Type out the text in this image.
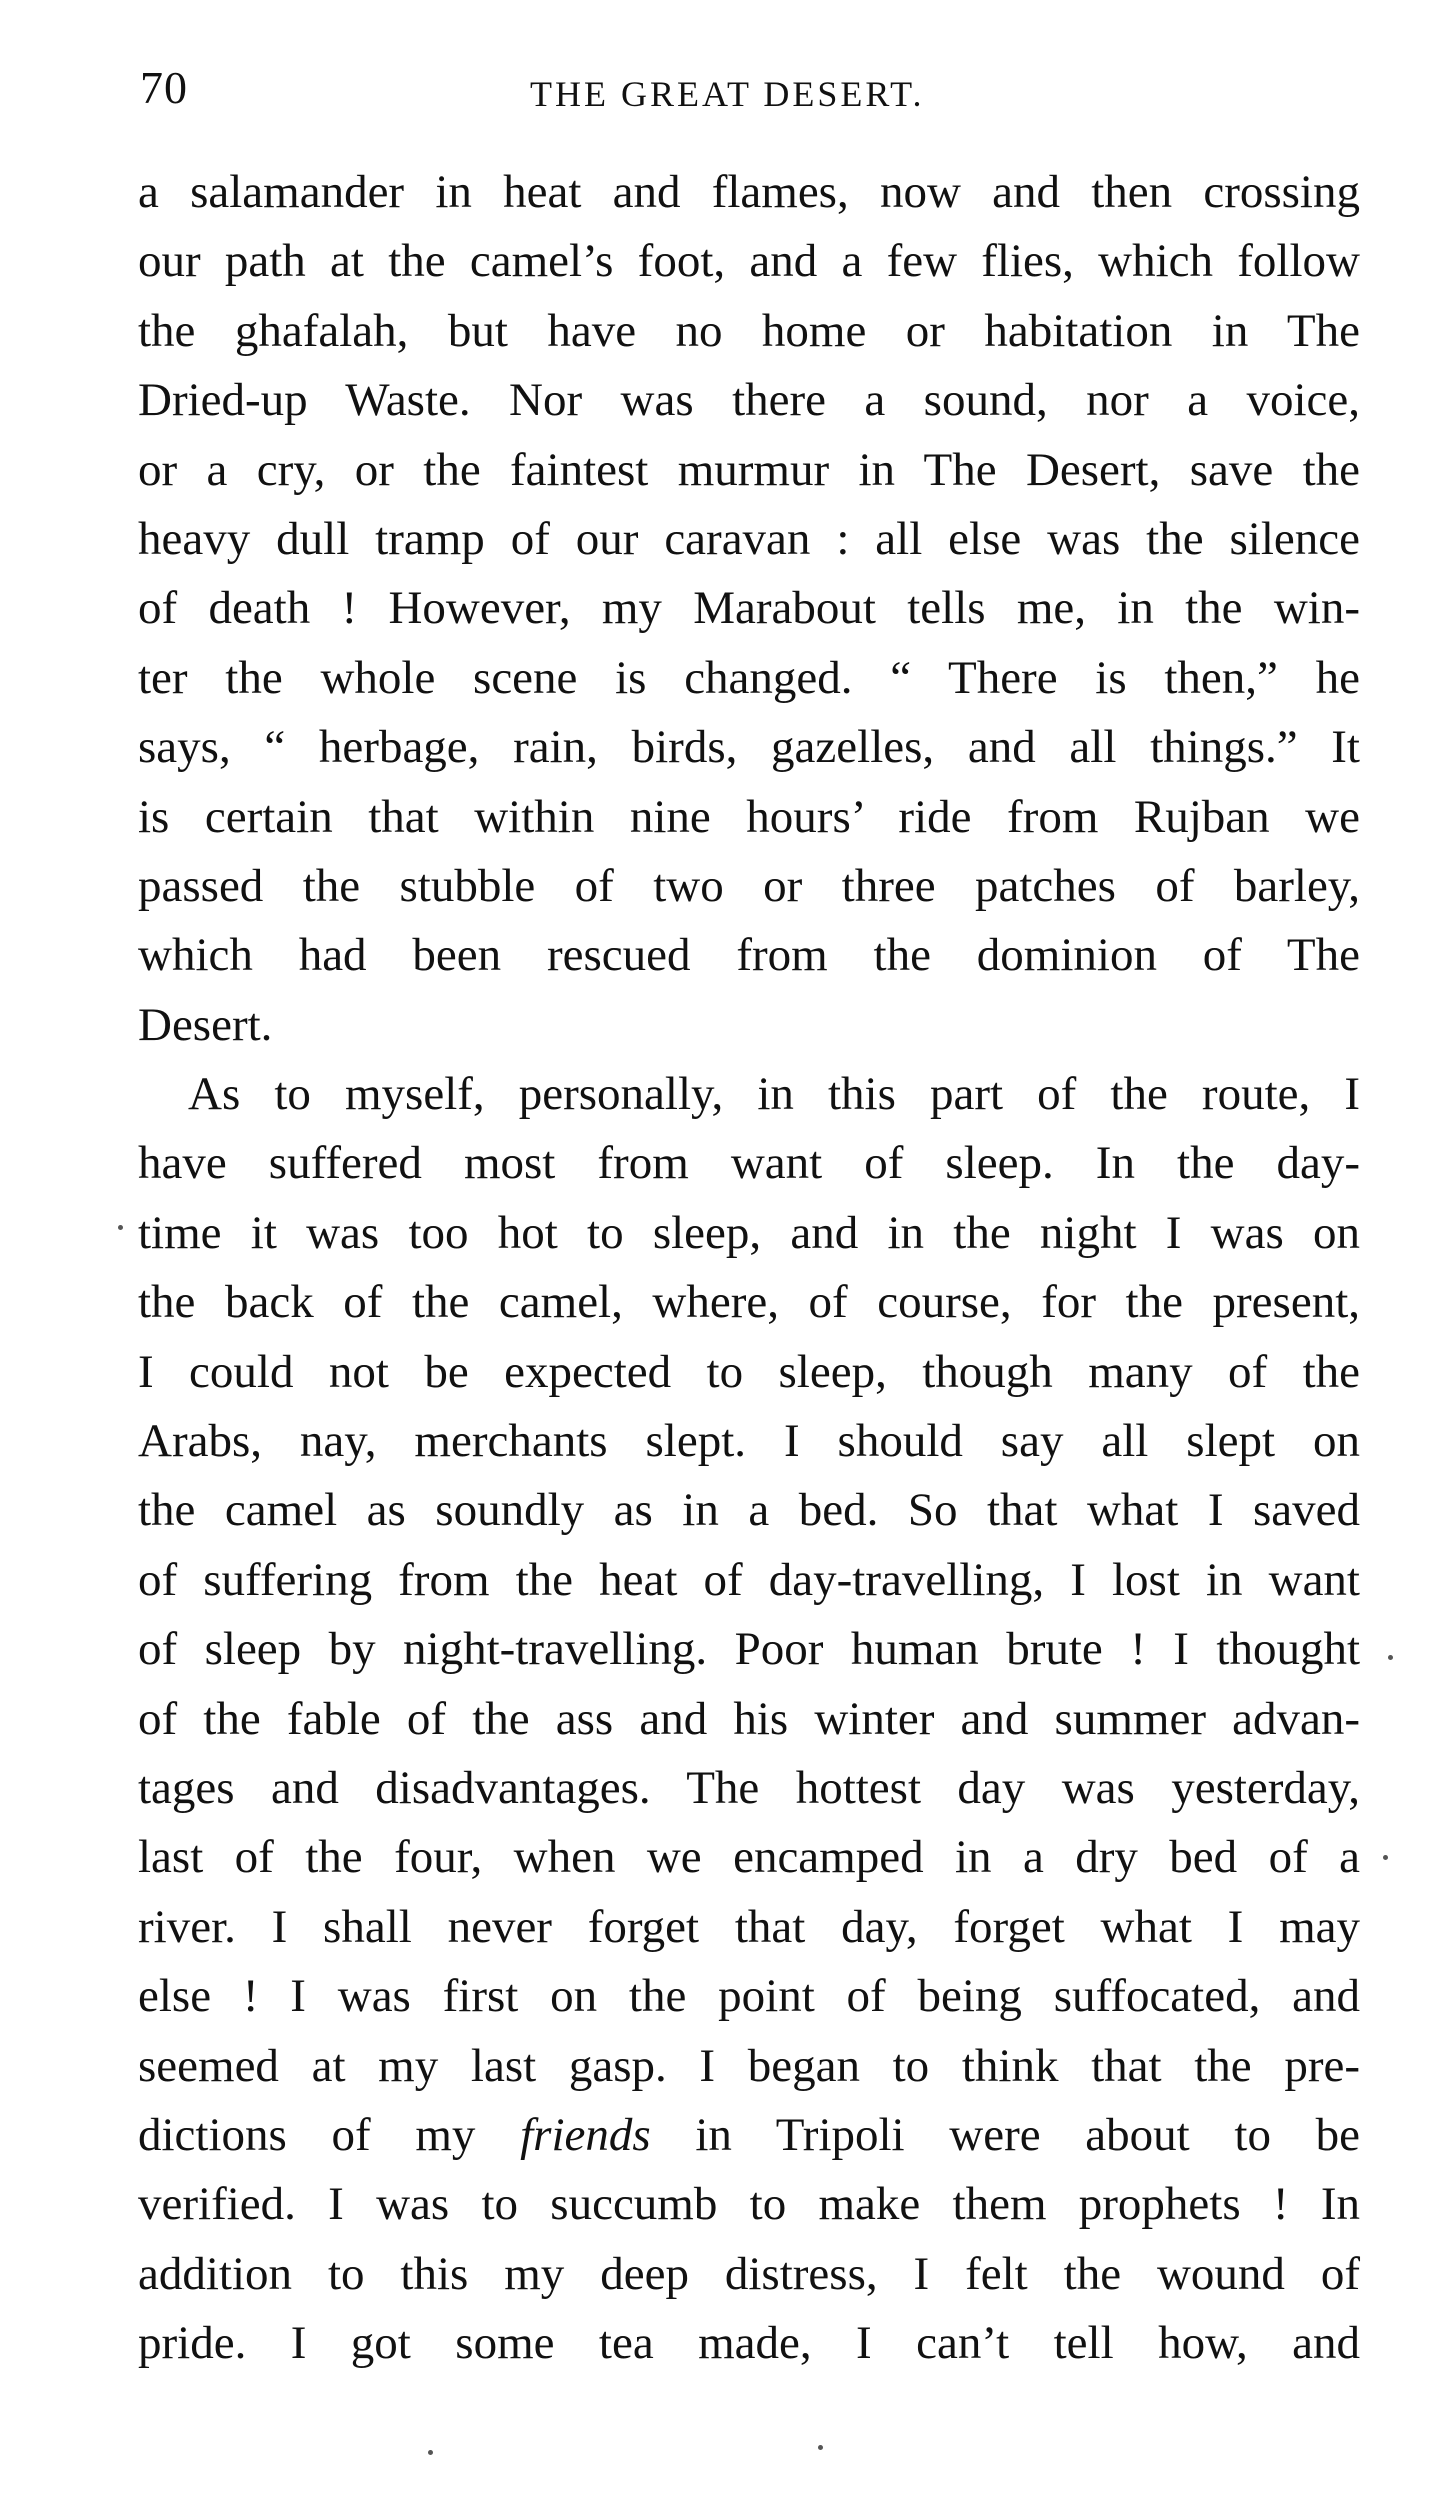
70	THE GREAT DESERT.
a salamander in heat and flames, now and then crossing
our path at the camel’s foot, and a few flies, which follow
the ghafalah, but have no home or habitation in The
Dried-up Waste. Nor was there a sound, nor a voice,
or a cry, or the faintest murmur in The Desert, save the
heavy dull tramp of our caravan : all else was the silence
of death ! However, my Marabout tells me, in the win-
ter the whole scene is changed. “ There is then,” he
says, “ herbage, rain, birds, gazelles, and all things.” It
is certain that within nine hours’ ride from Rujban we
passed the stubble of two or three patches of barley,
which had been rescued from the dominion of The
Desert.
As to myself, personally, in this part of the route, I
have suffered most from want of sleep. In the day-
time it was too hot to sleep, and in the night I was on
the back of the camel, where, of course, for the present,
I could not be expected to sleep, though many of the
Arabs, nay, merchants slept. I should say all slept on
the camel as soundly as in a bed. So that what I saved
of suffering from the heat of day-travelling, I lost in want
of sleep by night-travelling. Poor human brute ! I thought
of the fable of the ass and his winter and summer advan-
tages and disadvantages. The hottest day was yesterday,
last of the four, when we encamped in a dry bed of a
river. I shall never forget that day, forget what I may
else ! I was first on the point of being suffocated, and
seemed at my last gasp. I began to think that the pre-
dictions of my friends in Tripoli were about to be
verified. I was to succumb to make them prophets ! In
addition to this my deep distress, I felt the wound of
pride. I got some tea made, I can’t tell how, and
